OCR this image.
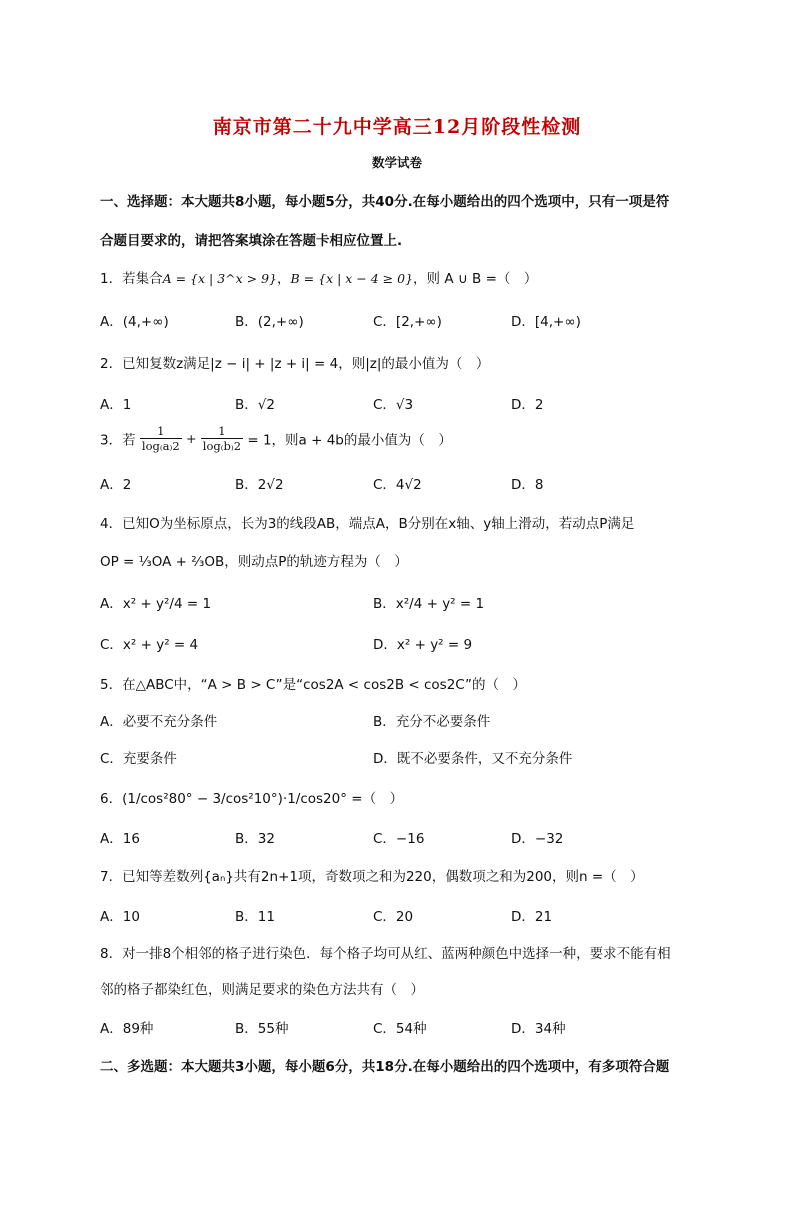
南京市第二十九中学高三12月阶段性检测
数学试卷
一、选择题：本大题共8小题，每小题5分，共40分.在每小题给出的四个选项中，只有一项是符
合题目要求的，请把答案填涂在答题卡相应位置上.
1．若集合A = {x | 3^x > 9}，B = {x | x − 4 ≥ 0}，则 A ∪ B =（　）
A．(4,+∞)	B．(2,+∞)	C．[2,+∞)	D．[4,+∞)
2．已知复数z满足|z − i| + |z + i| = 4，则|z|的最小值为（　）
A．1	B．√2	C．√3	D．2
3．若 $\frac{1}{\log_(a_)2} + \frac{1}{\log_(b_)2} = 1$，则a + 4b的最小值为（　）
A．2	B．2√2	C．4√2	D．8
4．已知O为坐标原点，长为3的线段AB，端点A，B分别在x轴、y轴上滑动，若动点P满足
OP = ⅓OA + ⅔OB，则动点P的轨迹方程为（　）
A．x² + y²/4 = 1	B．x²/4 + y² = 1
C．x² + y² = 4	D．x² + y² = 9
5．在△ABC中，“A > B > C”是“cos2A < cos2B < cos2C”的（　）
A．必要不充分条件	B．充分不必要条件
C．充要条件	D．既不必要条件，又不充分条件
6．(1/cos²80° − 3/cos²10°)·1/cos20° =（　）
A．16	B．32	C．−16	D．−32
7．已知等差数列{aₙ}共有2n+1项，奇数项之和为220，偶数项之和为200，则n =（　）
A．10	B．11	C．20	D．21
8．对一排8个相邻的格子进行染色．每个格子均可从红、蓝两种颜色中选择一种，要求不能有相
邻的格子都染红色，则满足要求的染色方法共有（　）
A．89种	B．55种	C．54种	D．34种
二、多选题：本大题共3小题，每小题6分，共18分.在每小题给出的四个选项中，有多项符合题
